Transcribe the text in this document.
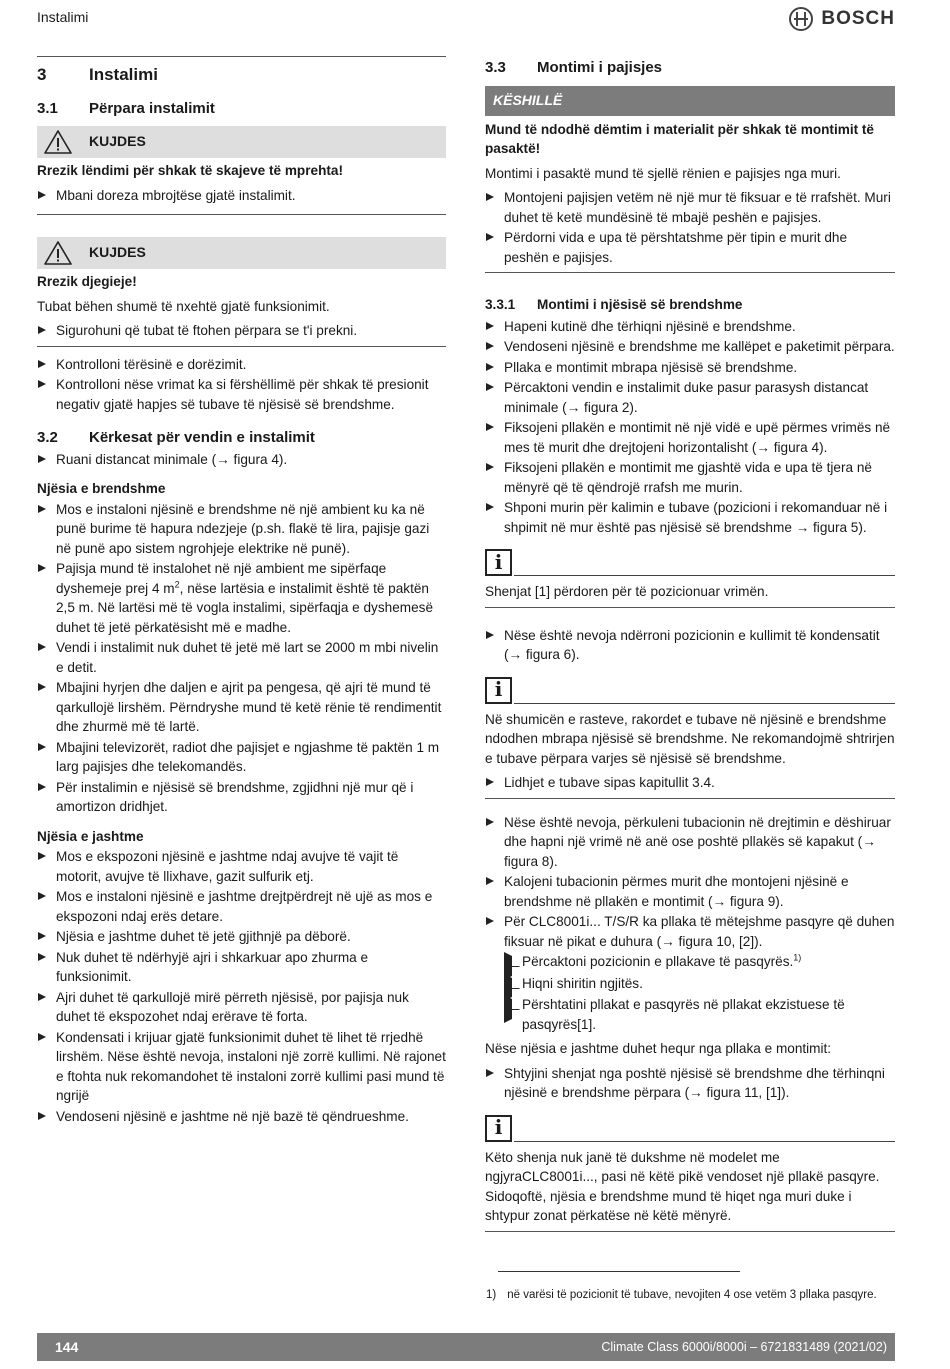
Instalimi	BOSCH
3	Instalimi
3.1	Përpara instalimit
KUJDES

Rrezik lëndimi për shkak të skajeve të mprehta!

Mbani doreza mbrojtëse gjatë instalimit.
KUJDES

Rrezik djegieje!

Tubat bëhen shumë të nxehtë gjatë funksionimit.

Sigurohuni që tubat të ftohen përpara se t'i prekni.
Kontrolloni tërësinë e dorëzimit.
Kontrolloni nëse vrimat ka si fërshëllimë për shkak të presionit negativ gjatë hapjes së tubave të njësisë së brendshme.
3.2	Kërkesat për vendin e instalimit
Ruani distancat minimale (→ figura 4).

Njësia e brendshme

Mos e instaloni njësinë e brendshme në një ambient ku ka në punë burime të hapura ndezjeje (p.sh. flakë të lira, pajisje gazi në punë apo sistem ngrohjeje elektrike në punë).
Pajisja mund të instalohet në një ambient me sipërfaqe dyshemeje prej 4 $m^2$, nëse lartësia e instalimit është të paktën 2,5 m. Në lartësi më të vogla instalimi, sipërfaqja e dyshemesë duhet të jetë përkatësisht më e madhe.
Vendi i instalimit nuk duhet të jetë më lart se 2000 m mbi nivelin e detit.
Mbajini hyrjen dhe daljen e ajrit pa pengesa, që ajri të mund të qarkullojë lirshëm. Përndryshe mund të ketë rënie të rendimentit dhe zhurmë më të lartë.
Mbajini televizorët, radiot dhe pajisjet e ngjashme të paktën 1 m larg pajisjes dhe telekomandës.
Për instalimin e njësisë së brendshme, zgjidhni një mur që i amortizon dridhjet.

Njësia e jashtme

Mos e ekspozoni njësinë e jashtme ndaj avujve të vajit të motorit, avujve të llixhave, gazit sulfurik etj.
Mos e instaloni njësinë e jashtme drejtpërdrejt në ujë as mos e ekspozoni ndaj erës detare.
Njësia e jashtme duhet të jetë gjithnjë pa dëborë.
Nuk duhet të ndërhyjë ajri i shkarkuar apo zhurma e funksionimit.
Ajri duhet të qarkullojë mirë përreth njësisë, por pajisja nuk duhet të ekspozohet ndaj erërave të forta.
Kondensati i krijuar gjatë funksionimit duhet të lihet të rrjedhë lirshëm. Nëse është nevoja, instaloni një zorrë kullimi. Në rajonet e ftohta nuk rekomandohet të instaloni zorrë kullimi pasi mund të ngrijë
Vendoseni njësinë e jashtme në një bazë të qëndrueshme.
3.3	Montimi i pajisjes
KËSHILLË

Mund të ndodhë dëmtim i materialit për shkak të montimit të pasaktë!

Montimi i pasaktë mund të sjellë rënien e pajisjes nga muri.

Montojeni pajisjen vetëm në një mur të fiksuar e të rrafshët. Muri duhet të ketë mundësinë të mbajë peshën e pajisjes.
Përdorni vida e upa të përshtatshme për tipin e murit dhe peshën e pajisjes.
3.3.1	Montimi i njësisë së brendshme
Hapeni kutinë dhe tërhiqni njësinë e brendshme.
Vendoseni njësinë e brendshme me kallëpet e paketimit përpara.
Pllaka e montimit mbrapa njësisë së brendshme.
Përcaktoni vendin e instalimit duke pasur parasysh distancat minimale (→ figura 2).
Fiksojeni pllakën e montimit në një vidë e upë përmes vrimës në mes të murit dhe drejtojeni horizontalisht (→ figura 4).
Fiksojeni pllakën e montimit me gjashtë vida e upa të tjera në mënyrë që të qëndrojë rrafsh me murin.
Shponi murin për kalimin e tubave (pozicioni i rekomanduar në i shpimit në mur është pas njësisë së brendshme → figura 5).
i

Shenjat [1] përdoren për të pozicionuar vrimën.

Nëse është nevoja ndërroni pozicionin e kullimit të kondensatit (→ figura 6).
i

Në shumicën e rasteve, rakordet e tubave në njësinë e brendshme ndodhen mbrapa njësisë së brendshme. Ne rekomandojmë shtrirjen e tubave përpara varjes së njësisë së brendshme.

Lidhjet e tubave sipas kapitullit 3.4.
Nëse është nevoja, përkuleni tubacionin në drejtimin e dëshiruar dhe hapni një vrimë në anë ose poshtë pllakës së kapakut (→ figura 8).
Kalojeni tubacionin përmes murit dhe montojeni njësinë e brendshme në pllakën e montimit (→ figura 9).
Për CLC8001i... T/S/R ka pllaka të mëtejshme pasqyre që duhen fiksuar në pikat e duhura (→ figura 10, [2]).
– Përcaktoni pozicionin e pllakave të pasqyrës.$^{1)}$
– Hiqni shiritin ngjitës.
– Përshtatini pllakat e pasqyrës në pllakat ekzistuese të pasqyrës[1].

Nëse njësia e jashtme duhet hequr nga pllaka e montimit:

Shtyjini shenjat nga poshtë njësisë së brendshme dhe tërhinqni njësinë e brendshme përpara (→ figura 11, [1]).
i

Këto shenja nuk janë të dukshme në modelet me ngjyraCLC8001i..., pasi në këtë pikë vendoset një pllakë pasqyre. Sidoqoftë, njësia e brendshme mund të hiqet nga muri duke i shtypur zonat përkatëse në këtë mënyrë.

1) në varësi të pozicionit të tubave, nevojiten 4 ose vetëm 3 pllaka pasqyre.
144	Climate Class 6000i/8000i – 6721831489 (2021/02)
